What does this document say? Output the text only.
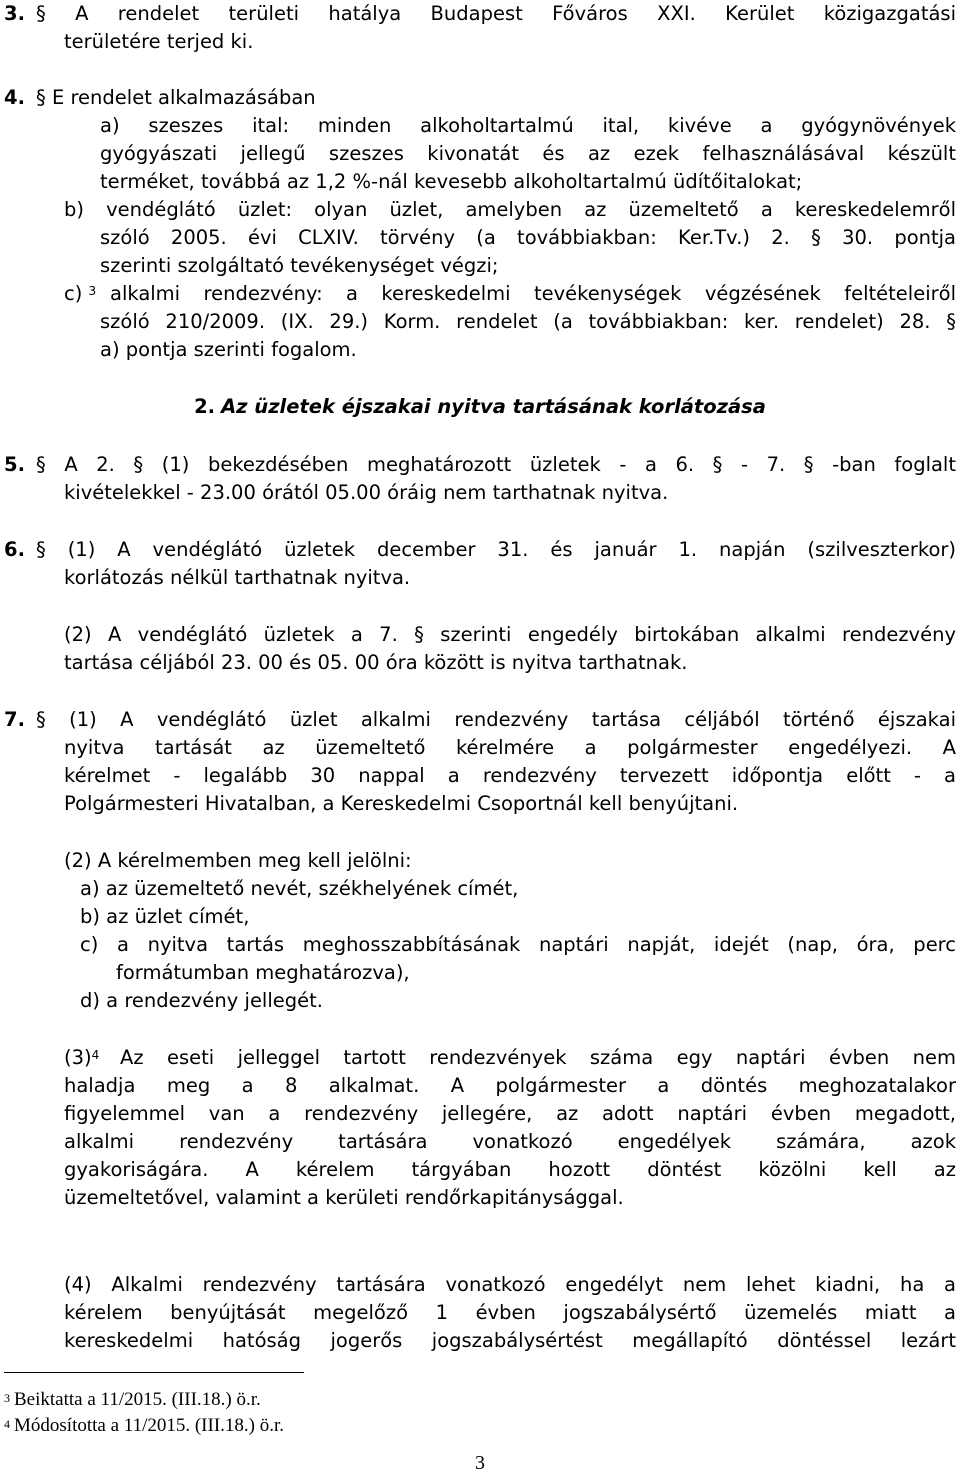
3. § A rendelet területi hatálya Budapest Főváros XXI. Kerület közigazgatási
területére terjed ki.
4. § E rendelet alkalmazásában
a) szeszes ital: minden alkoholtartalmú ital, kivéve a gyógynövények
gyógyászati jellegű szeszes kivonatát és az ezek felhasználásával készült
terméket, továbbá az 1,2 %-nál kevesebb alkoholtartalmú üdítőitalokat;
b) vendéglátó üzlet: olyan üzlet, amelyben az üzemeltető a kereskedelemről
szóló 2005. évi CLXIV. törvény (a továbbiakban: Ker.Tv.) 2. § 30. pontja
szerinti szolgáltató tevékenységet végzi;
c) $^3$ alkalmi rendezvény: a kereskedelmi tevékenységek végzésének feltételeiről
szóló 210/2009. (IX. 29.) Korm. rendelet (a továbbiakban: ker. rendelet) 28. §
a) pontja szerinti fogalom.
2. Az üzletek éjszakai nyitva tartásának korlátozása
5. § A 2. § (1) bekezdésében meghatározott üzletek - a 6. § - 7. § -ban foglalt
kivételekkel - 23.00 órától 05.00 óráig nem tarthatnak nyitva.
6. § (1) A vendéglátó üzletek december 31. és január 1. napján (szilveszterkor)
korlátozás nélkül tarthatnak nyitva.
(2) A vendéglátó üzletek a 7. § szerinti engedély birtokában alkalmi rendezvény
tartása céljából 23. 00 és 05. 00 óra között is nyitva tarthatnak.
7. § (1) A vendéglátó üzlet alkalmi rendezvény tartása céljából történő éjszakai
nyitva tartását az üzemeltető kérelmére a polgármester engedélyezi. A
kérelmet - legalább 30 nappal a rendezvény tervezett időpontja előtt - a
Polgármesteri Hivatalban, a Kereskedelmi Csoportnál kell benyújtani.
(2) A kérelmemben meg kell jelölni:
a) az üzemeltető nevét, székhelyének címét,
b) az üzlet címét,
c) a nyitva tartás meghosszabbításának naptári napját, idejét (nap, óra, perc
formátumban meghatározva),
d) a rendezvény jellegét.
$(3)^4$ Az eseti jelleggel tartott rendezvények száma egy naptári évben nem
haladja meg a 8 alkalmat. A polgármester a döntés meghozatalakor
figyelemmel van a rendezvény jellegére, az adott naptári évben megadott,
alkalmi rendezvény tartására vonatkozó engedélyek számára, azok
gyakoriságára. A kérelem tárgyában hozott döntést közölni kell az
üzemeltetővel, valamint a kerületi rendőrkapitánysággal.
(4) Alkalmi rendezvény tartására vonatkozó engedélyt nem lehet kiadni, ha a
kérelem benyújtását megelőző 1 évben jogszabálysértő üzemelés miatt a
kereskedelmi hatóság jogerős jogszabálysértést megállapító döntéssel lezárt
$^3$ Beiktatta a 11/2015. (III.18.) ö.r.
$^4$ Módosította a 11/2015. (III.18.) ö.r.
3
